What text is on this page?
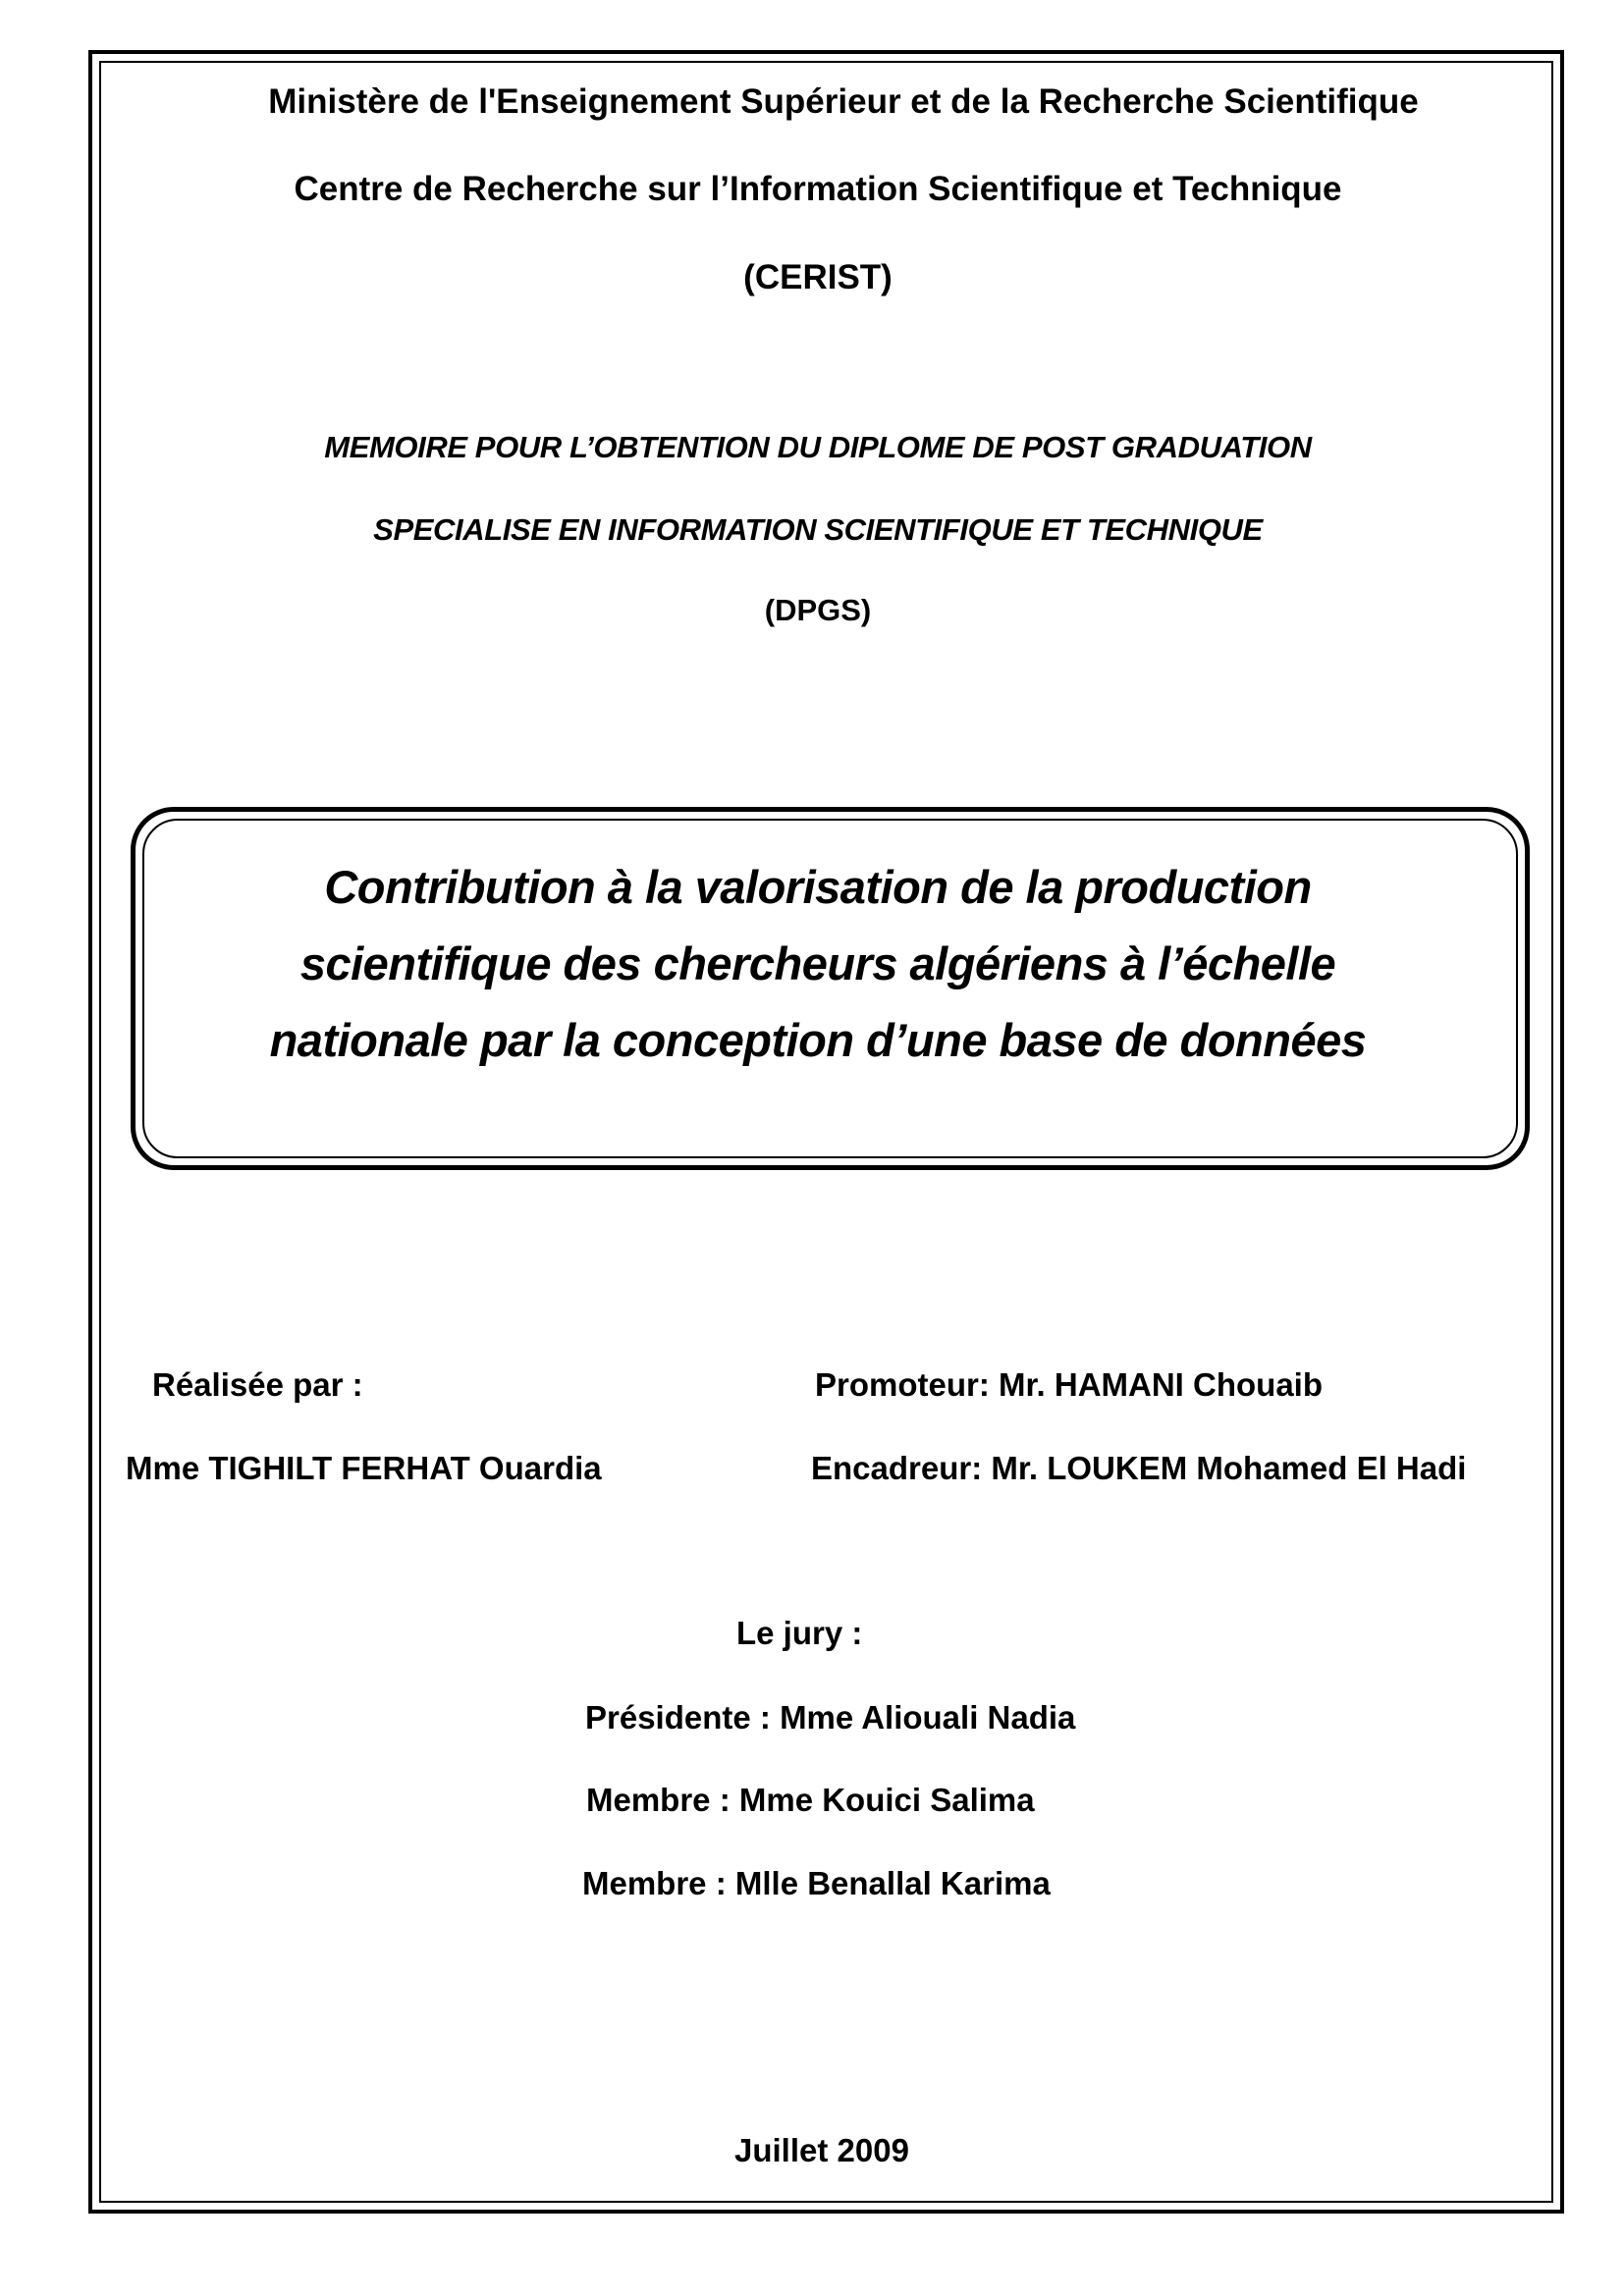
Ministère de l'Enseignement Supérieur et de la Recherche Scientifique
Centre de Recherche sur l’Information Scientifique et Technique
(CERIST)
MEMOIRE POUR L’OBTENTION DU DIPLOME DE POST GRADUATION
SPECIALISE EN INFORMATION SCIENTIFIQUE ET TECHNIQUE
(DPGS)
Contribution à la valorisation de la production
scientifique des chercheurs algériens à l’échelle
nationale par la conception d’une base de données
Réalisée par :
Mme TIGHILT FERHAT Ouardia
Promoteur: Mr. HAMANI Chouaib
Encadreur: Mr. LOUKEM Mohamed El Hadi
Le jury :
Présidente : Mme Aliouali Nadia
Membre : Mme Kouici Salima
Membre : Mlle Benallal Karima
Juillet 2009
